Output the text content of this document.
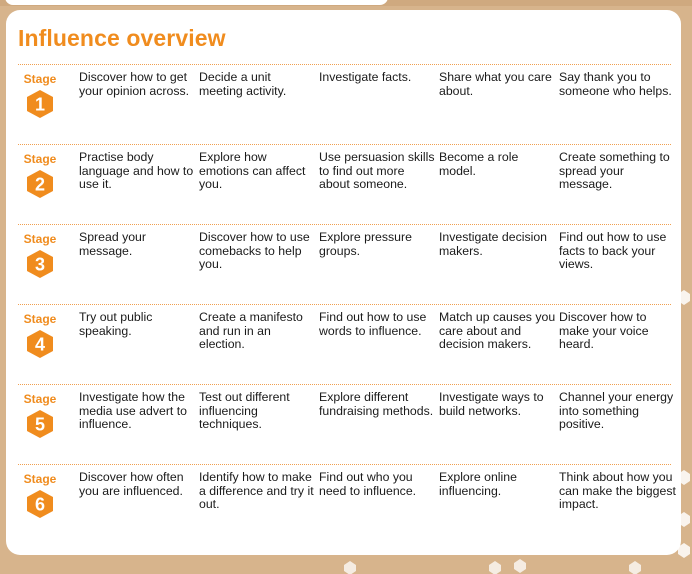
Influence overview
Stage
1
Discover how to get your opinion across.
Decide a unit meeting activity.
Investigate facts.	Share what you care about.
Say thank you to someone who helps.
Stage
2
Practise body language and how to use it.
Explore how emotions can affect you.
Use persuasion skills to find out more about someone.
Become a role model.
Create something to spread your message.
Stage
3
Spread your message.
Discover how to use comebacks to help you.
Explore pressure groups.
Investigate decision makers.
Find out how to use facts to back your views.
Stage
4
Try out public speaking.
Create a manifesto and run in an election.
Find out how to use words to influence.
Match up causes you care about and decision makers.
Discover how to make your voice heard.
Stage
5
Investigate how the media use advert to influence.
Test out different influencing techniques.
Explore different fundraising methods.
Investigate ways to build networks.
Channel your energy into something positive.
Stage
6
Discover how often you are influenced.
Identify how to make a difference and try it out.
Find out who you need to influence.
Explore online influencing.
Think about how you can make the biggest impact.
